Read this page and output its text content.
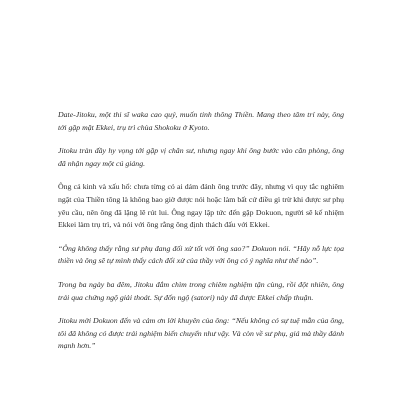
Date-Jitoku, một thi sĩ waka cao quý, muốn tinh thông Thiền. Mang theo tâm trí này, ông tới gặp mặt Ekkei, trụ trì chùa Shokoku ở Kyoto.

Jitoku tràn đầy hy vọng tới gặp vị chân sư, nhưng ngay khi ông bước vào căn phòng, ông đã nhận ngay một cú giáng.

Ông cả kinh và xấu hổ: chưa từng có ai dám đánh ông trước đây, nhưng vì quy tắc nghiêm ngặt của Thiền tông là không bao giờ được nói hoặc làm bất cứ điều gì trừ khi được sư phụ yêu cầu, nên ông đã lặng lẽ rút lui. Ông ngay lập tức đến gặp Dokuon, người sẽ kế nhiệm Ekkei làm trụ trì, và nói với ông rằng ông định thách đấu với Ekkei.

“Ông không thấy rằng sư phụ đang đối xử tốt với ông sao?” Dokuon nói. “Hãy nỗ lực tọa thiền và ông sẽ tự mình thấy cách đối xử của thầy với ông có ý nghĩa như thế nào”.

Trong ba ngày ba đêm, Jitoku đắm chìm trong chiêm nghiệm tận cùng, rồi đột nhiên, ông trải qua chứng ngộ giải thoát. Sự đốn ngộ (satori) này đã được Ekkei chấp thuận.

Jitoku mời Dokuon đến và cảm ơn lời khuyên của ông: “Nếu không có sự tuệ mẫn của ông, tôi đã không có được trải nghiệm biến chuyển như vậy. Và còn về sư phụ, giá mà thầy đánh mạnh hơn.”
